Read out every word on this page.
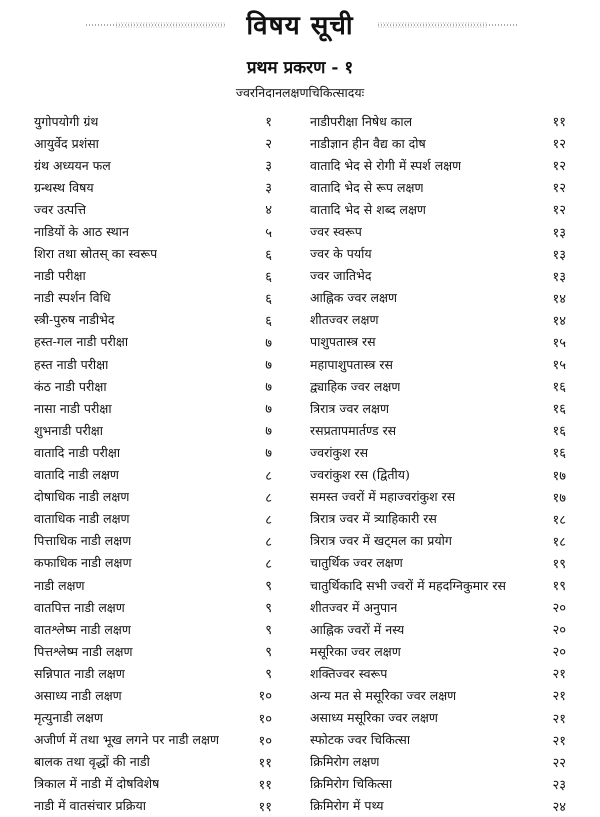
विषय सूची
प्रथम प्रकरण - १
ज्वरनिदानलक्षणचिकित्सादयः
युगोपयोगी ग्रंथ	१
आयुर्वेद प्रशंसा	२
ग्रंथ अध्ययन फल	३
ग्रन्थस्थ विषय	३
ज्वर उत्पत्ति	४
नाडियों के आठ स्थान	५
शिरा तथा स्रोतस् का स्वरूप	६
नाडी परीक्षा	६
नाडी स्पर्शन विधि	६
स्त्री-पुरुष नाडीभेद	६
हस्त-गल नाडी परीक्षा	७
हस्त नाडी परीक्षा	७
कंठ नाडी परीक्षा	७
नासा नाडी परीक्षा	७
शुभनाडी परीक्षा	७
वातादि नाडी परीक्षा	७
वातादि नाडी लक्षण	८
दोषाधिक नाडी लक्षण	८
वाताधिक नाडी लक्षण	८
पित्ताधिक नाडी लक्षण	८
कफाधिक नाडी लक्षण	८
नाडी लक्षण	९
वातपित्त नाडी लक्षण	९
वातश्लेष्म नाडी लक्षण	९
पित्तश्लेष्म नाडी लक्षण	९
सन्निपात नाडी लक्षण	९
असाध्य नाडी लक्षण	१०
मृत्युनाडी लक्षण	१०
अजीर्ण में तथा भूख लगने पर नाडी लक्षण	१०
बालक तथा वृद्धों की नाडी	११
त्रिकाल में नाडी में दोषविशेष	११
नाडी में वातसंचार प्रक्रिया	११
नाडीपरीक्षा निषेध काल	११
नाडीज्ञान हीन वैद्य का दोष	१२
वातादि भेद से रोगी में स्पर्श लक्षण	१२
वातादि भेद से रूप लक्षण	१२
वातादि भेद से शब्द लक्षण	१२
ज्वर स्वरूप	१३
ज्वर के पर्याय	१३
ज्वर जातिभेद	१३
आह्निक ज्वर लक्षण	१४
शीतज्वर लक्षण	१४
पाशुपतास्त्र रस	१५
महापाशुपतास्त्र रस	१५
द्व्याहिक ज्वर लक्षण	१६
त्रिरात्र ज्वर लक्षण	१६
रसप्रतापमार्तण्ड रस	१६
ज्वरांकुश रस	१६
ज्वरांकुश रस (द्वितीय)	१७
समस्त ज्वरों में महाज्वरांकुश रस	१७
त्रिरात्र ज्वर में त्र्याहिकारी रस	१८
त्रिरात्र ज्वर में खट्मल का प्रयोग	१८
चातुर्थिक ज्वर लक्षण	१९
चातुर्थिकादि सभी ज्वरों में महदग्निकुमार रस	१९
शीतज्वर में अनुपान	२०
आह्निक ज्वरों में नस्य	२०
मसूरिका ज्वर लक्षण	२०
शक्तिज्वर स्वरूप	२१
अन्य मत से मसूरिका ज्वर लक्षण	२१
असाध्य मसूरिका ज्वर लक्षण	२१
स्फोटक ज्वर चिकित्सा	२१
क्रिमिरोग लक्षण	२२
क्रिमिरोग चिकित्सा	२३
क्रिमिरोग में पथ्य	२४
